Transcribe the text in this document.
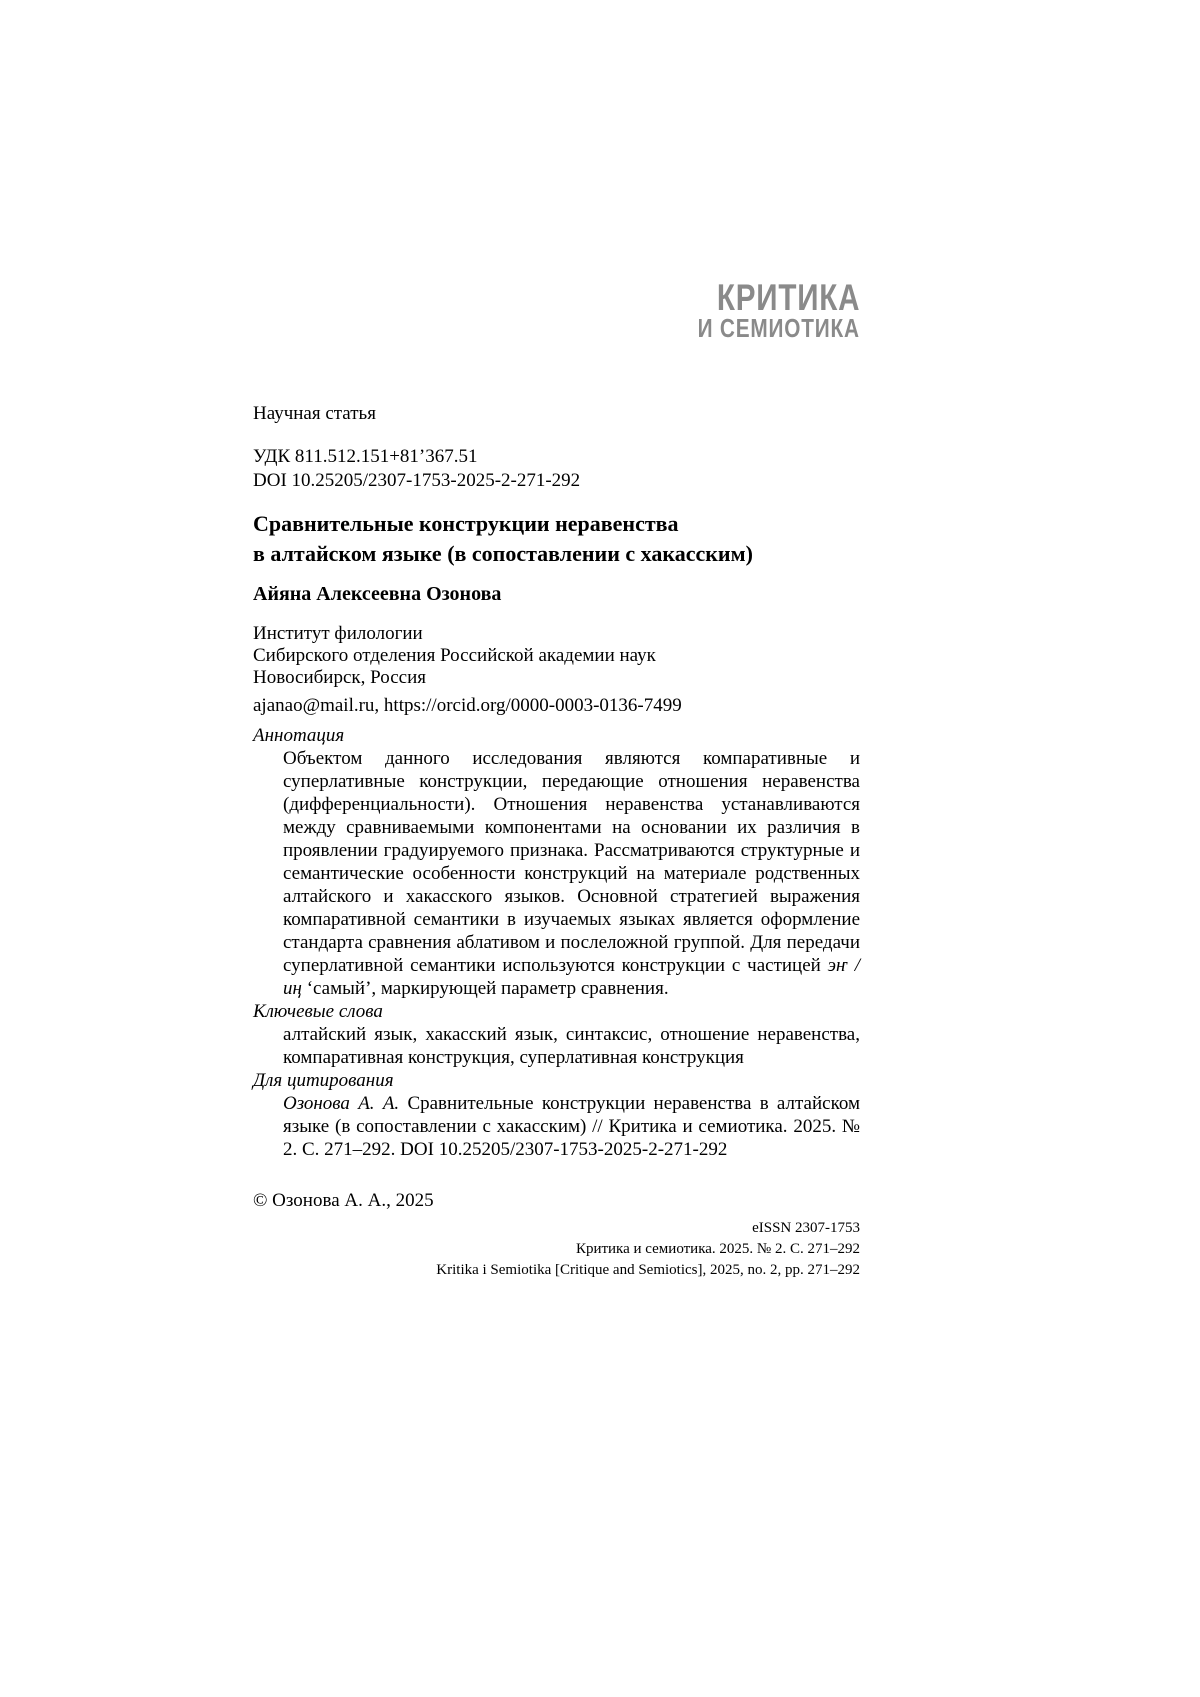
КРИТИКА
И СЕМИОТИКА
Научная статья
УДК 811.512.151+81’367.51
DOI 10.25205/2307-1753-2025-2-271-292
Сравнительные конструкции неравенства
в алтайском языке (в сопоставлении с хакасским)
Айяна Алексеевна Озонова
Институт филологии
Сибирского отделения Российской академии наук
Новосибирск, Россия
ajanao@mail.ru, https://orcid.org/0000-0003-0136-7499
Аннотация

Объектом данного исследования являются компаративные и суперлативные конструкции, передающие отношения неравенства (дифференциальности). Отношения неравенства устанавливаются между сравниваемыми компонентами на основании их различия в проявлении градуируемого признака. Рассматриваются структурные и семантические особенности конструкций на материале родственных алтайского и хакасского языков. Основной стратегией выражения компаративной семантики в изучаемых языках является оформление стандарта сравнения аблативом и послеложной группой. Для передачи суперлативной семантики используются конструкции с частицей эҥ / иң ‘самый’, маркирующей параметр сравнения.

Ключевые слова

алтайский язык, хакасский язык, синтаксис, отношение неравенства, компаративная конструкция, суперлативная конструкция

Для цитирования

Озонова А. А. Сравнительные конструкции неравенства в алтайском языке (в сопоставлении с хакасским) // Критика и семиотика. 2025. № 2. С. 271–292. DOI 10.25205/2307-1753-2025-2-271-292

© Озонова А. А., 2025
eISSN 2307-1753
Критика и семиотика. 2025. № 2. С. 271–292
Kritika i Semiotika [Critique and Semiotics], 2025, no. 2, pp. 271–292
